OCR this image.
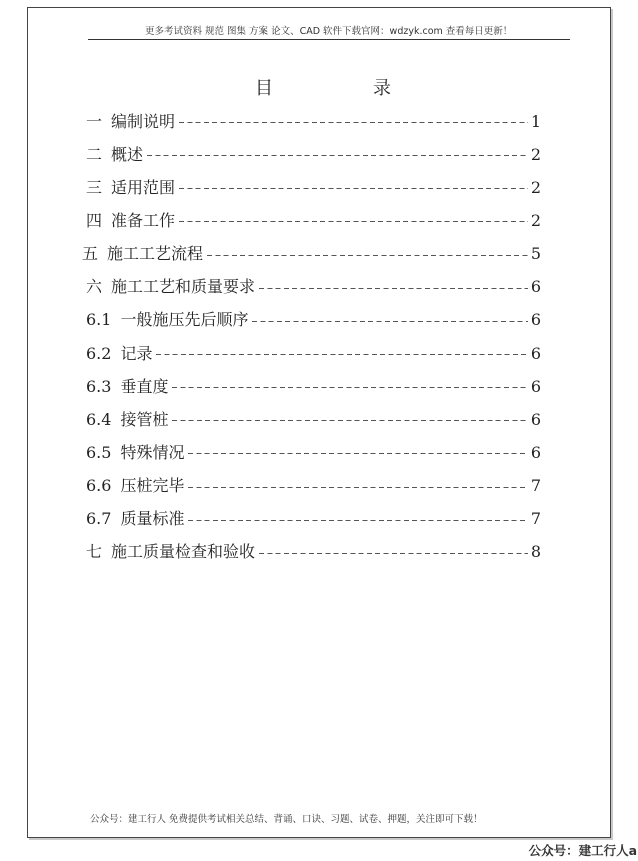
更多考试资料 规范 图集 方案 论文、CAD 软件下载官网：wdzyk.com 查看每日更新！
目录
一 编制说明	1
二 概述	2
三 适用范围	2
四 准备工作	2
五 施工工艺流程	5
六 施工工艺和质量要求	6
6.1 一般施压先后顺序	6
6.2 记录	6
6.3 垂直度	6
6.4 接管桩	6
6.5 特殊情况	6
6.6 压桩完毕	7
6.7 质量标准	7
七 施工质量检查和验收	8
公众号：建工行人 免费提供考试相关总结、背诵、口诀、习题、试卷、押题，关注即可下载！
公众号：建工行人a
